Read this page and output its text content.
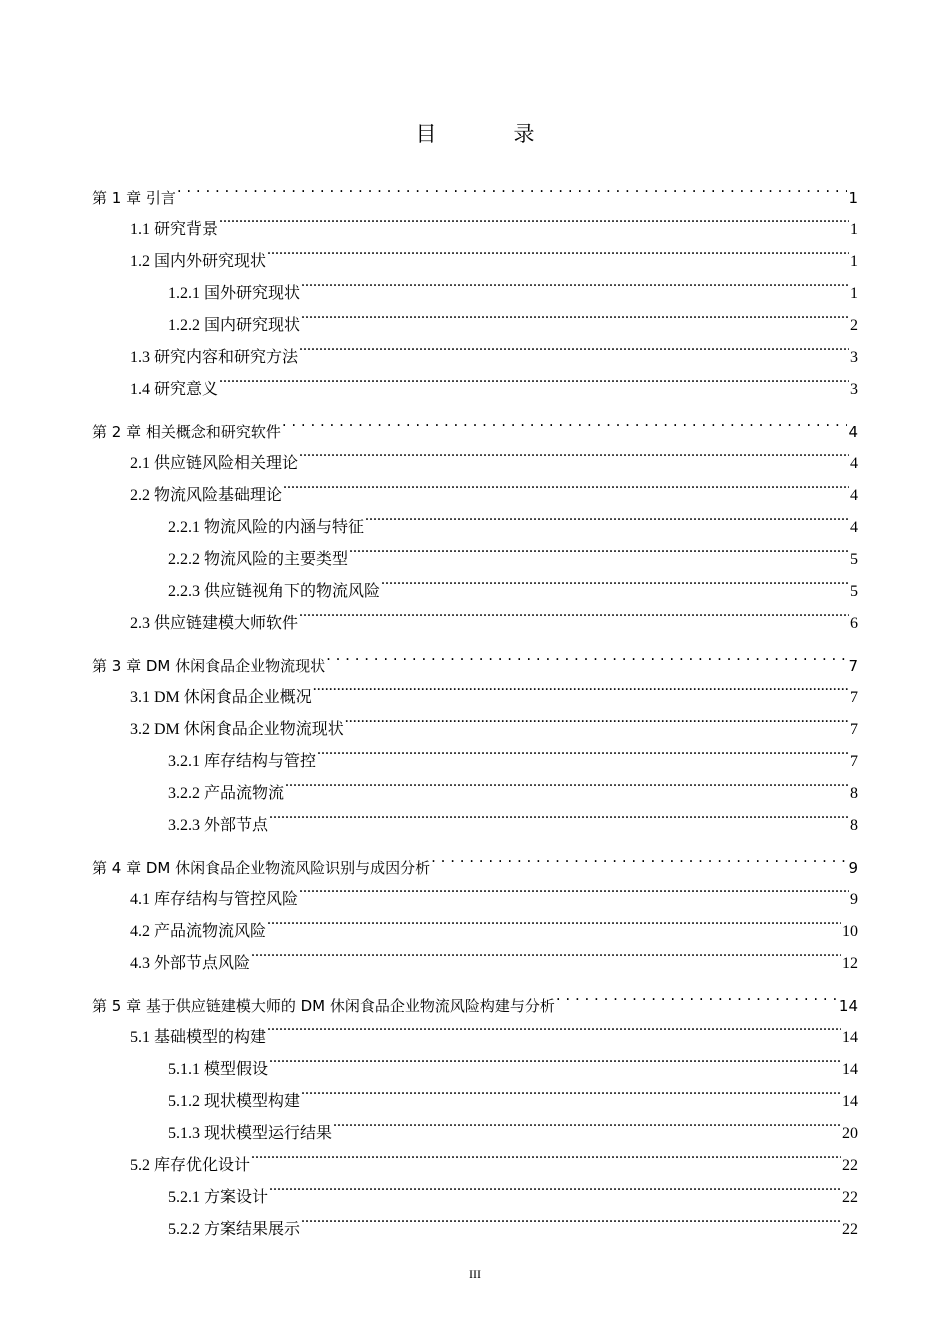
目　录
第 1 章 引言 . . .	1
1.1 研究背景 .....	1
1.2 国内外研究现状 .....	1
1.2.1 国外研究现状 .....	1
1.2.2 国内研究现状 .....	2
1.3 研究内容和研究方法 .....	3
1.4 研究意义 .....	3
第 2 章 相关概念和研究软件 . . .	4
2.1 供应链风险相关理论 .....	4
2.2 物流风险基础理论 .....	4
2.2.1 物流风险的内涵与特征 .....	4
2.2.2 物流风险的主要类型 .....	5
2.2.3 供应链视角下的物流风险 .....	5
2.3 供应链建模大师软件 .....	6
第 3 章 DM 休闲食品企业物流现状 . . .	7
3.1 DM 休闲食品企业概况 .....	7
3.2 DM 休闲食品企业物流现状 .....	7
3.2.1 库存结构与管控 .....	7
3.2.2 产品流物流 .....	8
3.2.3 外部节点 .....	8
第 4 章 DM 休闲食品企业物流风险识别与成因分析 . . .	9
4.1 库存结构与管控风险 .....	9
4.2 产品流物流风险 .....	10
4.3 外部节点风险 .....	12
第 5 章 基于供应链建模大师的 DM 休闲食品企业物流风险构建与分析 . . .	14
5.1 基础模型的构建 .....	14
5.1.1 模型假设 .....	14
5.1.2 现状模型构建 .....	14
5.1.3 现状模型运行结果 .....	20
5.2 库存优化设计 .....	22
5.2.1 方案设计 .....	22
5.2.2 方案结果展示 .....	22
III
